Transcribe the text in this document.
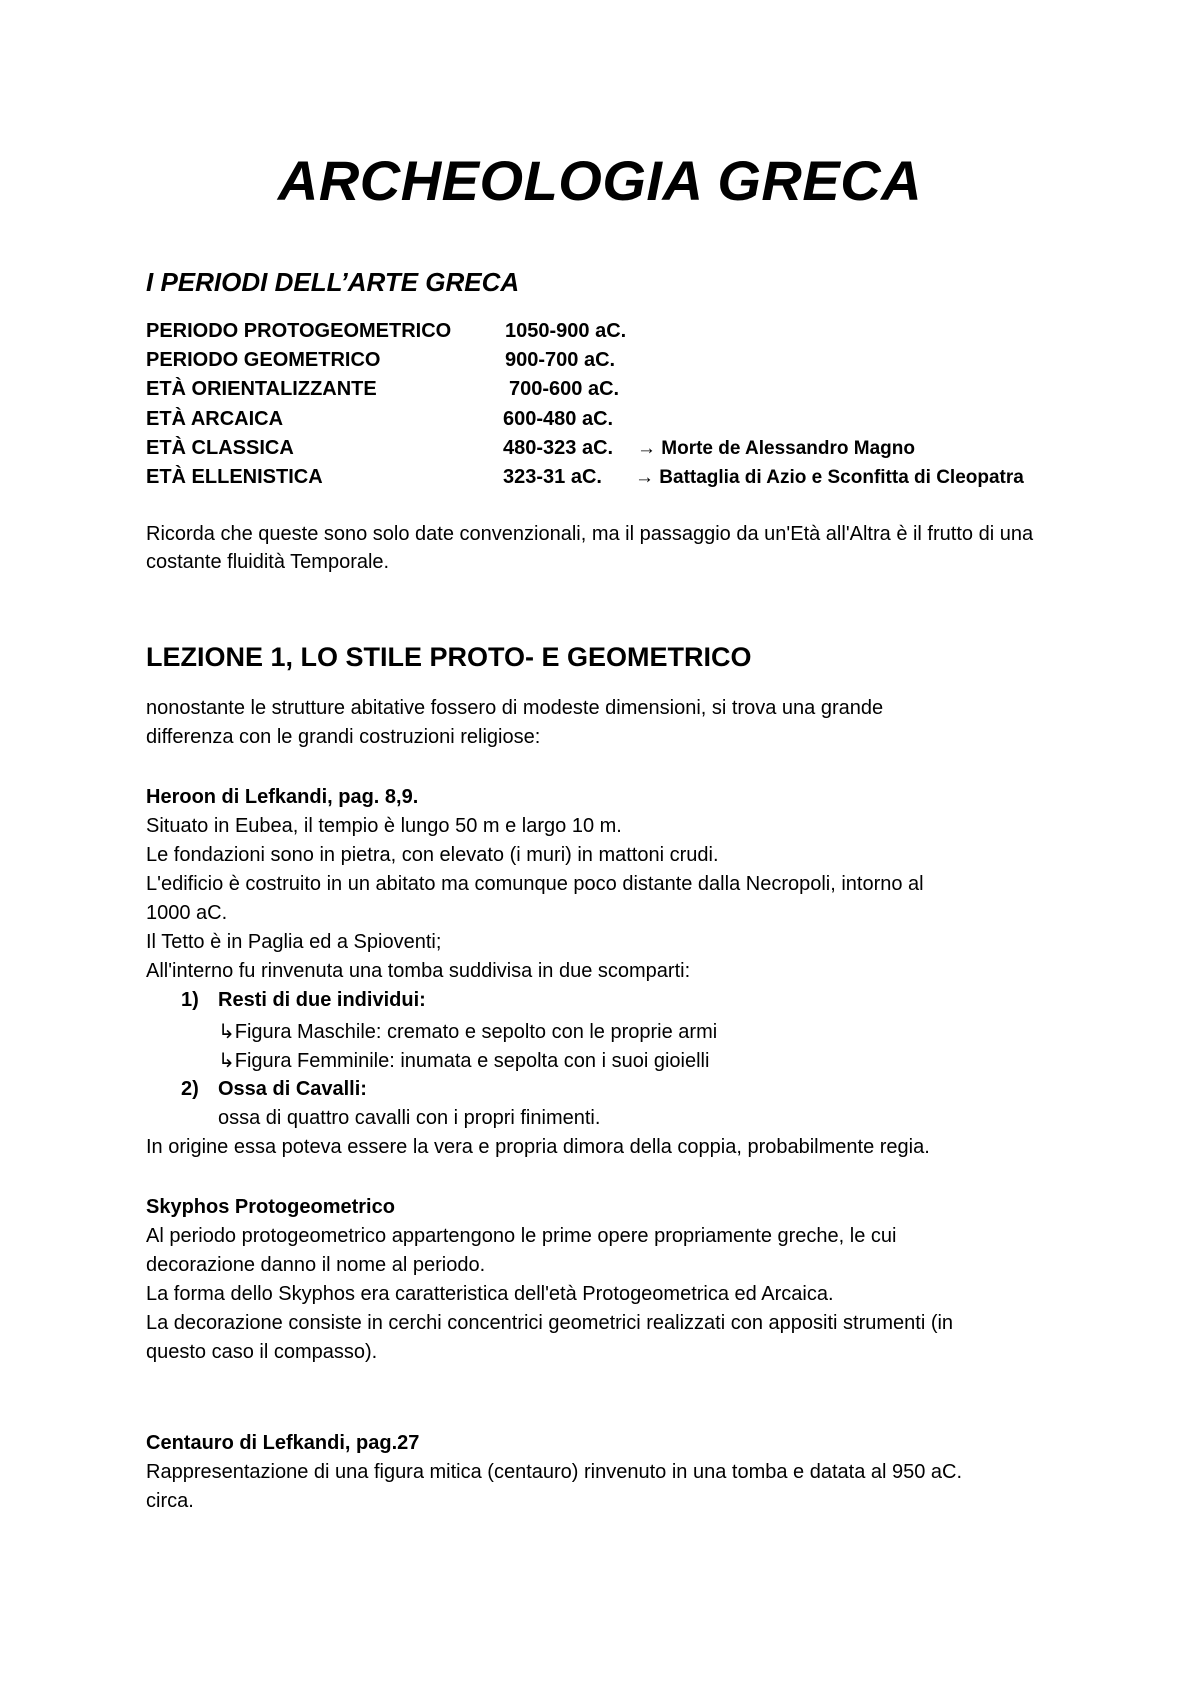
ARCHEOLOGIA GRECA
I PERIODI DELL’ARTE GRECA
PERIODO PROTOGEOMETRICO	1050-900 aC.
PERIODO GEOMETRICO	900-700 aC.
ETÀ ORIENTALIZZANTE	700-600 aC.
ETÀ ARCAICA	600-480 aC.
ETÀ CLASSICA	480-323 aC. → Morte de Alessandro Magno
ETÀ ELLENISTICA	323-31 aC. → Battaglia di Azio e Sconfitta di Cleopatra
Ricorda che queste sono solo date convenzionali, ma il passaggio da un'Età all'Altra è il frutto di una
costante fluidità Temporale.
LEZIONE 1, LO STILE PROTO- E GEOMETRICO
nonostante le strutture abitative fossero di modeste dimensioni, si trova una grande
differenza con le grandi costruzioni religiose:
Heroon di Lefkandi, pag. 8,9.
Situato in Eubea, il tempio è lungo 50 m e largo 10 m.
Le fondazioni sono in pietra, con elevato (i muri) in mattoni crudi.
L'edificio è costruito in un abitato ma comunque poco distante dalla Necropoli, intorno al
1000 aC.
Il Tetto è in Paglia ed a Spioventi;
All'interno fu rinvenuta una tomba suddivisa in due scomparti:
1) Resti di due individui:
↳Figura Maschile: cremato e sepolto con le proprie armi
↳Figura Femminile: inumata e sepolta con i suoi gioielli
2) Ossa di Cavalli:
ossa di quattro cavalli con i propri finimenti.
In origine essa poteva essere la vera e propria dimora della coppia, probabilmente regia.
Skyphos Protogeometrico
Al periodo protogeometrico appartengono le prime opere propriamente greche, le cui
decorazione danno il nome al periodo.
La forma dello Skyphos era caratteristica dell'età Protogeometrica ed Arcaica.
La decorazione consiste in cerchi concentrici geometrici realizzati con appositi strumenti (in
questo caso il compasso).
Centauro di Lefkandi, pag.27
Rappresentazione di una figura mitica (centauro) rinvenuto in una tomba e datata al 950 aC.
circa.
